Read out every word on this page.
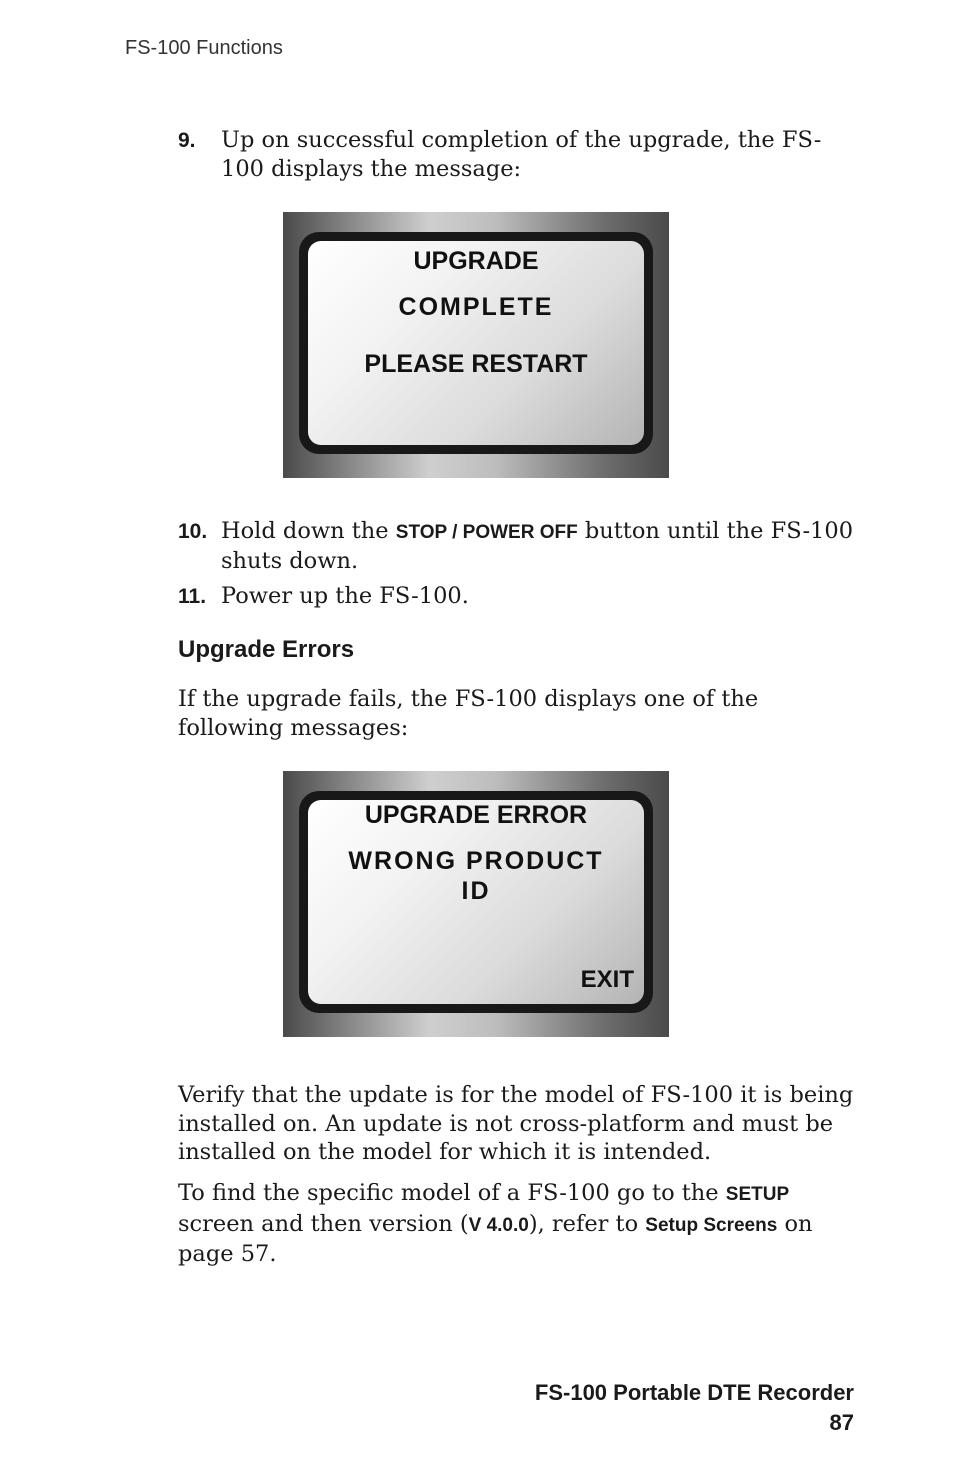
FS-100 Functions
9. Up on successful completion of the upgrade, the FS-100 displays the message:
UPGRADE
COMPLETE
PLEASE RESTART
10. Hold down the STOP / POWER OFF button until the FS-100 shuts down.
11. Power up the FS-100.
Upgrade Errors
If the upgrade fails, the FS-100 displays one of the following messages:
UPGRADE ERROR
WRONG PRODUCT
ID
EXIT
Verify that the update is for the model of FS-100 it is being installed on. An update is not cross-platform and must be installed on the model for which it is intended.
To find the specific model of a FS-100 go to the SETUP screen and then version (V 4.0.0), refer to Setup Screens on page 57.
FS-100 Portable DTE Recorder
87
